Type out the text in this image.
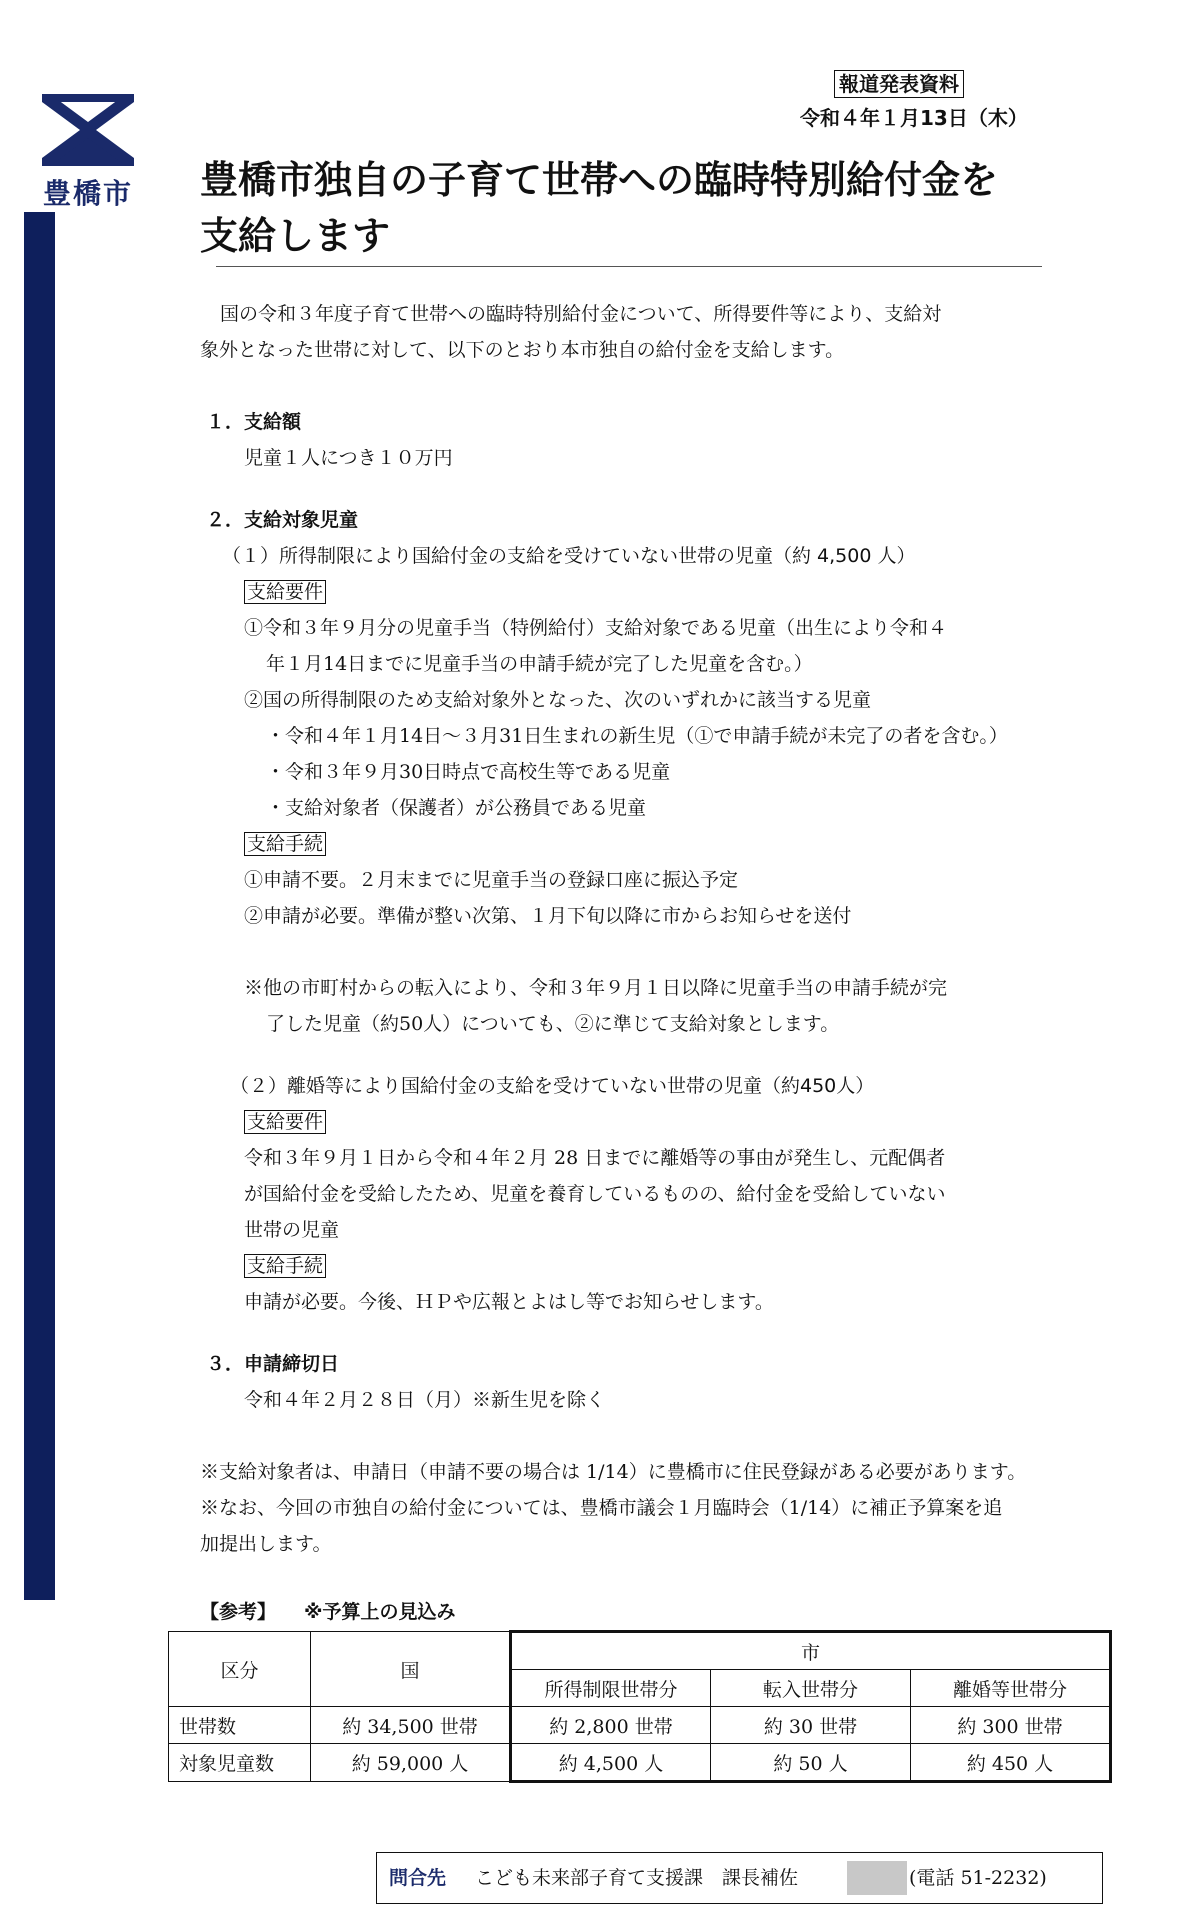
豊橋市
報道発表資料
令和４年１月13日（木）
豊橋市独自の子育て世帯への臨時特別給付金を
支給します
国の令和３年度子育て世帯への臨時特別給付金について、所得要件等により、支給対
象外となった世帯に対して、以下のとおり本市独自の給付金を支給します。
１．支給額
児童１人につき１０万円
２．支給対象児童
（１）所得制限により国給付金の支給を受けていない世帯の児童（約 4,500 人）
支給要件
①令和３年９月分の児童手当（特例給付）支給対象である児童（出生により令和４
年１月14日までに児童手当の申請手続が完了した児童を含む。）
②国の所得制限のため支給対象外となった、次のいずれかに該当する児童
・令和４年１月14日～３月31日生まれの新生児（①で申請手続が未完了の者を含む。）
・令和３年９月30日時点で高校生等である児童
・支給対象者（保護者）が公務員である児童
支給手続
①申請不要。２月末までに児童手当の登録口座に振込予定
②申請が必要。準備が整い次第、１月下旬以降に市からお知らせを送付
※他の市町村からの転入により、令和３年９月１日以降に児童手当の申請手続が完
了した児童（約50人）についても、②に準じて支給対象とします。
（２）離婚等により国給付金の支給を受けていない世帯の児童（約450人）
支給要件
令和３年９月１日から令和４年２月 28 日までに離婚等の事由が発生し、元配偶者
が国給付金を受給したため、児童を養育しているものの、給付金を受給していない
世帯の児童
支給手続
申請が必要。今後、ＨＰや広報とよはし等でお知らせします。
３．申請締切日
令和４年２月２８日（月）※新生児を除く
※支給対象者は、申請日（申請不要の場合は 1/14）に豊橋市に住民登録がある必要があります。
※なお、今回の市独自の給付金については、豊橋市議会１月臨時会（1/14）に補正予算案を追
加提出します。
【参考】 ※予算上の見込み
区分	国	市		
		所得制限世帯分	転入世帯分	離婚等世帯分
世帯数	約 34,500 世帯	約 2,800 世帯	約 30 世帯	約 300 世帯
対象児童数	約 59,000 人	約 4,500 人	約 50 人	約 450 人
問合先 こども未来部子育て支援課　課長補佐	(電話 51-2232)
